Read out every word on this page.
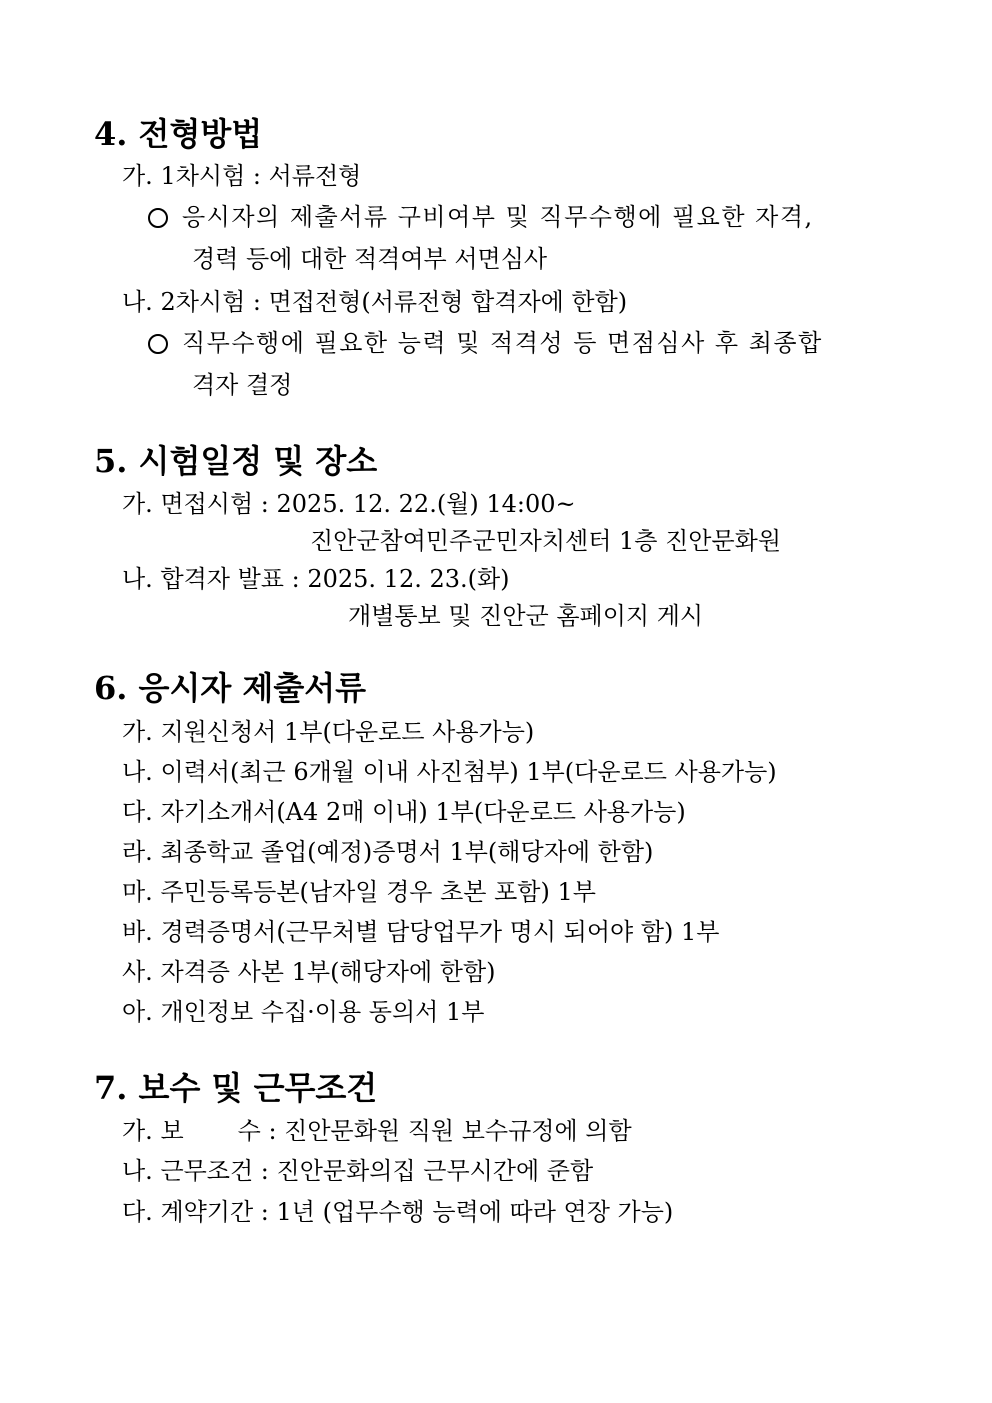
4. 전형방법
가. 1차시험 : 서류전형
응시자의 제출서류 구비여부 및 직무수행에 필요한 자격,
경력 등에 대한 적격여부 서면심사
나. 2차시험 : 면접전형(서류전형 합격자에 한함)
직무수행에 필요한 능력 및 적격성 등 면점심사 후 최종합
격자 결정
5. 시험일정 및 장소
가. 면접시험 : 2025. 12. 22.(월) 14:00~
진안군참여민주군민자치센터 1층 진안문화원
나. 합격자 발표 : 2025. 12. 23.(화)
개별통보 및 진안군 홈페이지 게시
6. 응시자 제출서류
가. 지원신청서 1부(다운로드 사용가능)
나. 이력서(최근 6개월 이내 사진첨부) 1부(다운로드 사용가능)
다. 자기소개서(A4 2매 이내) 1부(다운로드 사용가능)
라. 최종학교 졸업(예정)증명서 1부(해당자에 한함)
마. 주민등록등본(남자일 경우 초본 포함) 1부
바. 경력증명서(근무처별 담당업무가 명시 되어야 함) 1부
사. 자격증 사본 1부(해당자에 한함)
아. 개인정보 수집·이용 동의서 1부
7. 보수 및 근무조건
가. 보 수 : 진안문화원 직원 보수규정에 의함
나. 근무조건 : 진안문화의집 근무시간에 준함
다. 계약기간 : 1년 (업무수행 능력에 따라 연장 가능)
